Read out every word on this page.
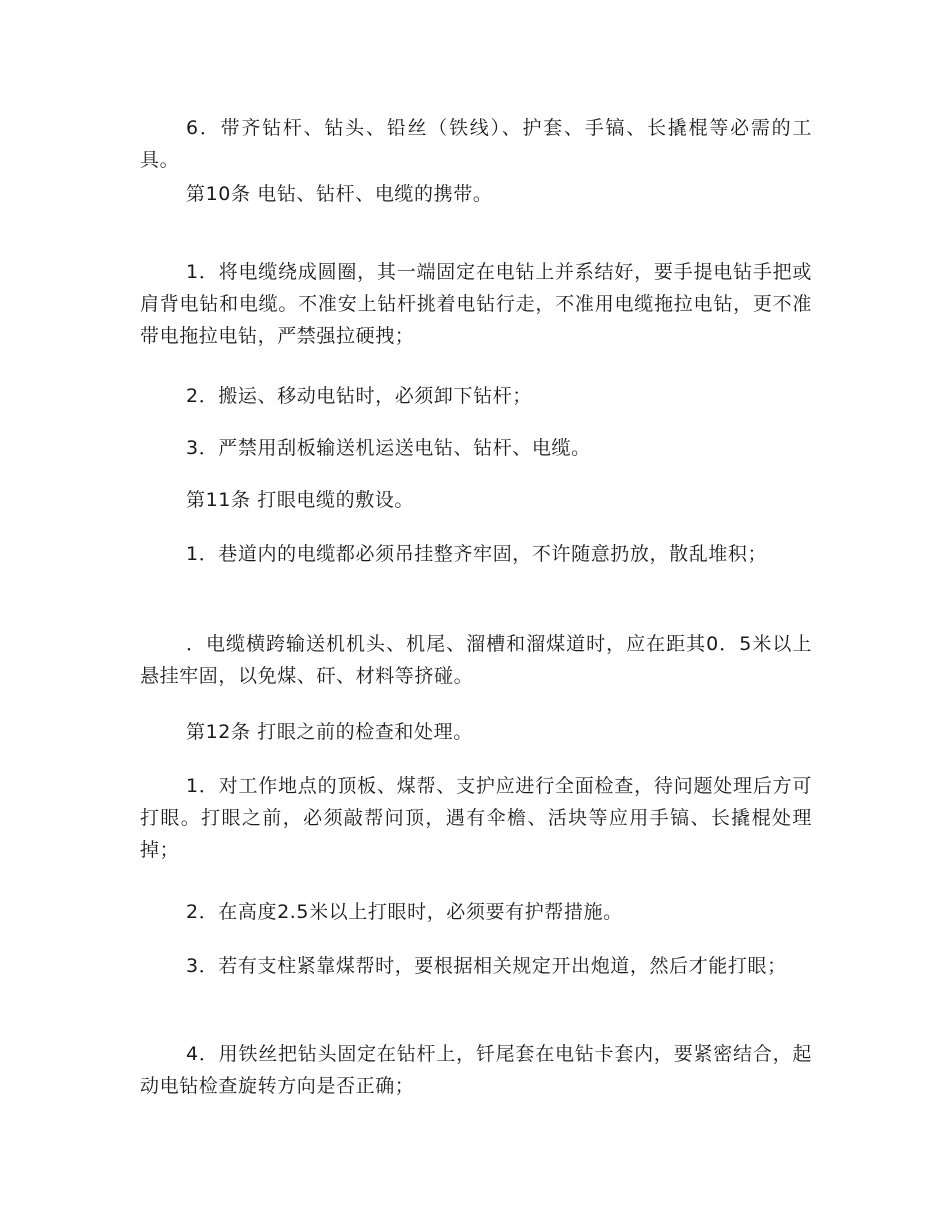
6．带齐钻杆、钻头、铅丝（铁线）、护套、手镐、长撬棍等必需的工具。

第10条 电钻、钻杆、电缆的携带。

1．将电缆绕成圆圈，其一端固定在电钻上并系结好，要手提电钻手把或肩背电钻和电缆。不准安上钻杆挑着电钻行走，不准用电缆拖拉电钻，更不准带电拖拉电钻，严禁强拉硬拽；

2．搬运、移动电钻时，必须卸下钻杆；

3．严禁用刮板输送机运送电钻、钻杆、电缆。

第11条 打眼电缆的敷设。

1．巷道内的电缆都必须吊挂整齐牢固，不许随意扔放，散乱堆积；

．电缆横跨输送机机头、机尾、溜槽和溜煤道时，应在距其0．5米以上悬挂牢固，以免煤、矸、材料等挤碰。

第12条 打眼之前的检查和处理。

1．对工作地点的顶板、煤帮、支护应进行全面检查，待问题处理后方可打眼。打眼之前，必须敲帮问顶，遇有伞檐、活块等应用手镐、长撬棍处理掉；

2．在高度2.5米以上打眼时，必须要有护帮措施。

3．若有支柱紧靠煤帮时，要根据相关规定开出炮道，然后才能打眼；

4．用铁丝把钻头固定在钻杆上，钎尾套在电钻卡套内，要紧密结合，起动电钻检查旋转方向是否正确；
